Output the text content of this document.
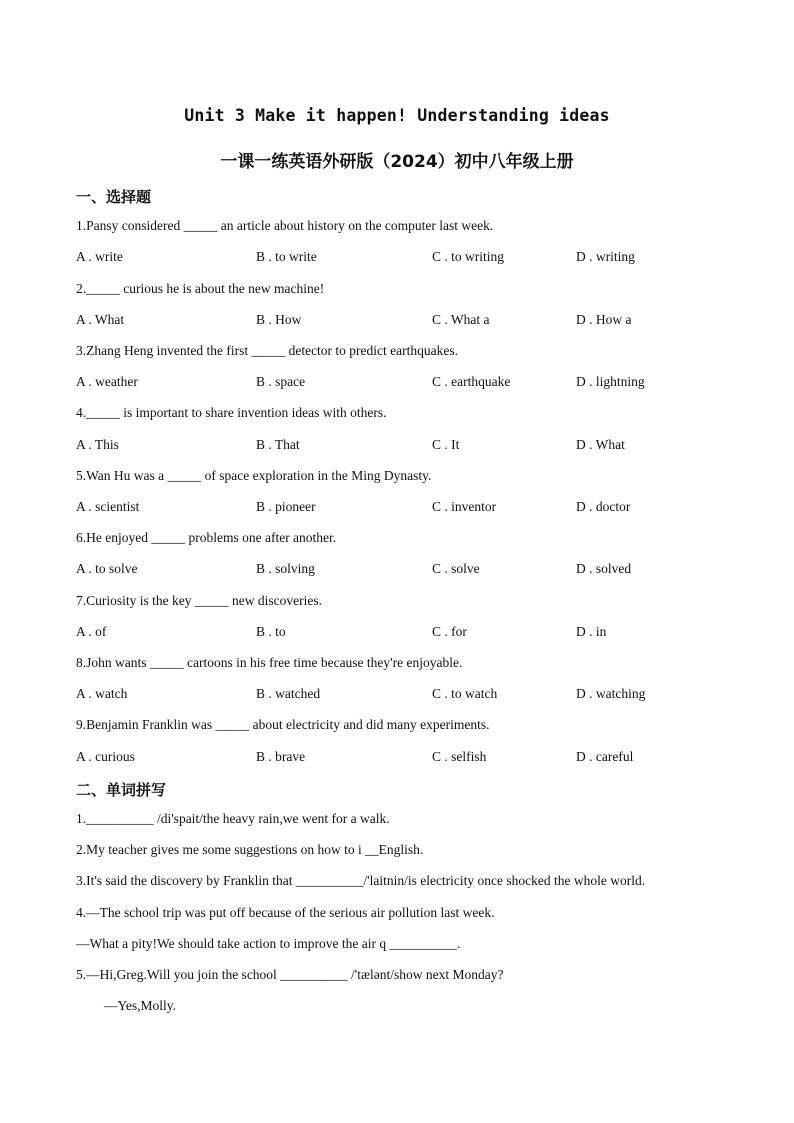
Unit 3 Make it happen! Understanding ideas
一课一练英语外研版（2024）初中八年级上册
一、选择题
1.Pansy considered _____ an article about history on the computer last week.
A . write	B . to write	C . to writing	D . writing
2._____ curious he is about the new machine!
A . What	B . How	C . What a	D . How a
3.Zhang Heng invented the first _____ detector to predict earthquakes.
A . weather	B . space	C . earthquake	D . lightning
4._____ is important to share invention ideas with others.
A . This	B . That	C . It	D . What
5.Wan Hu was a _____ of space exploration in the Ming Dynasty.
A . scientist	B . pioneer	C . inventor	D . doctor
6.He enjoyed _____ problems one after another.
A . to solve	B . solving	C . solve	D . solved
7.Curiosity is the key _____ new discoveries.
A . of	B . to	C . for	D . in
8.John wants _____ cartoons in his free time because they're enjoyable.
A . watch	B . watched	C . to watch	D . watching
9.Benjamin Franklin was _____ about electricity and did many experiments.
A . curious	B . brave	C . selfish	D . careful
二、单词拼写
1.__________ /di'spait/the heavy rain,we went for a walk.
2.My teacher gives me some suggestions on how to i __English.
3.It's said the discovery by Franklin that __________/'laitnin/is electricity once shocked the whole world.
4.—The school trip was put off because of the serious air pollution last week.
—What a pity!We should take action to improve the air q __________.
5.—Hi,Greg.Will you join the school __________ /'tælənt/show next Monday?
—Yes,Molly.
